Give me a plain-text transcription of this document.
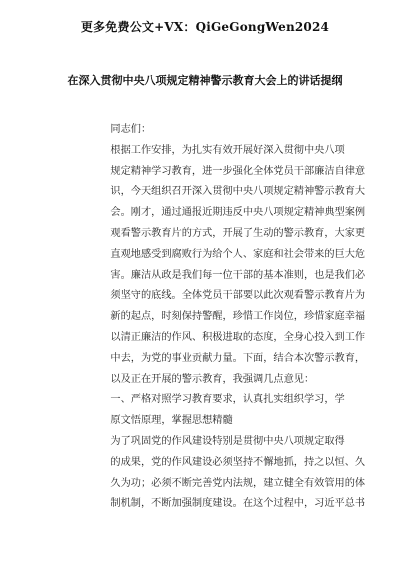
更多免费公文+VX：QiGeGongWen2024
在深入贯彻中央八项规定精神警示教育大会上的讲话提纲

同志们：

根据工作安排，为扎实有效开展好深入贯彻中央八项
规定精神学习教育，进一步强化全体党员干部廉洁自律意
识，今天组织召开深入贯彻中央八项规定精神警示教育大
会。刚才，通过通报近期违反中央八项规定精神典型案例
观看警示教育片的方式，开展了生动的警示教育，大家更
直观地感受到腐败行为给个人、家庭和社会带来的巨大危
害。廉洁从政是我们每一位干部的基本准则，也是我们必
须坚守的底线。全体党员干部要以此次观看警示教育片为
新的起点，时刻保持警醒，珍惜工作岗位，珍惜家庭幸福
以清正廉洁的作风、积极进取的态度，全身心投入到工作
中去，为党的事业贡献力量。下面，结合本次警示教育，
以及正在开展的警示教育，我强调几点意见：

一、严格对照学习教育要求，认真扎实组织学习，学
原文悟原理，掌握思想精髓

为了巩固党的作风建设特别是贯彻中央八项规定取得
的成果，党的作风建设必须坚持不懈地抓，持之以恒、久
久为功；必须不断完善党内法规，建立健全有效管用的体
制机制，不断加强制度建设。在这个过程中，习近平总书
